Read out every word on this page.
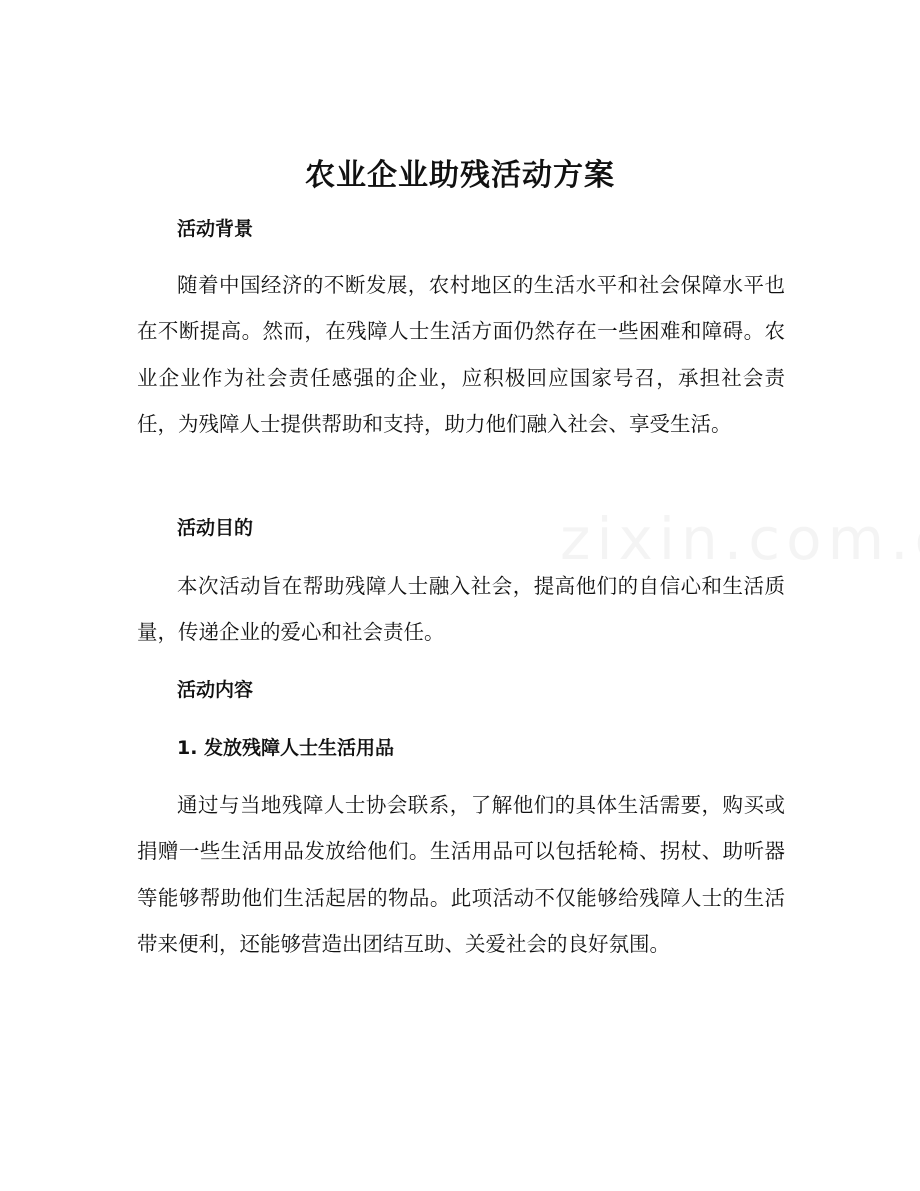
农业企业助残活动方案
活动背景

随着中国经济的不断发展，农村地区的生活水平和社会保障水平也在不断提高。然而，在残障人士生活方面仍然存在一些困难和障碍。农业企业作为社会责任感强的企业，应积极回应国家号召，承担社会责任，为残障人士提供帮助和支持，助力他们融入社会、享受生活。

活动目的

本次活动旨在帮助残障人士融入社会，提高他们的自信心和生活质量，传递企业的爱心和社会责任。

活动内容
1. 发放残障人士生活用品

通过与当地残障人士协会联系，了解他们的具体生活需要，购买或捐赠一些生活用品发放给他们。生活用品可以包括轮椅、拐杖、助听器等能够帮助他们生活起居的物品。此项活动不仅能够给残障人士的生活带来便利，还能够营造出团结互助、关爱社会的良好氛围。
